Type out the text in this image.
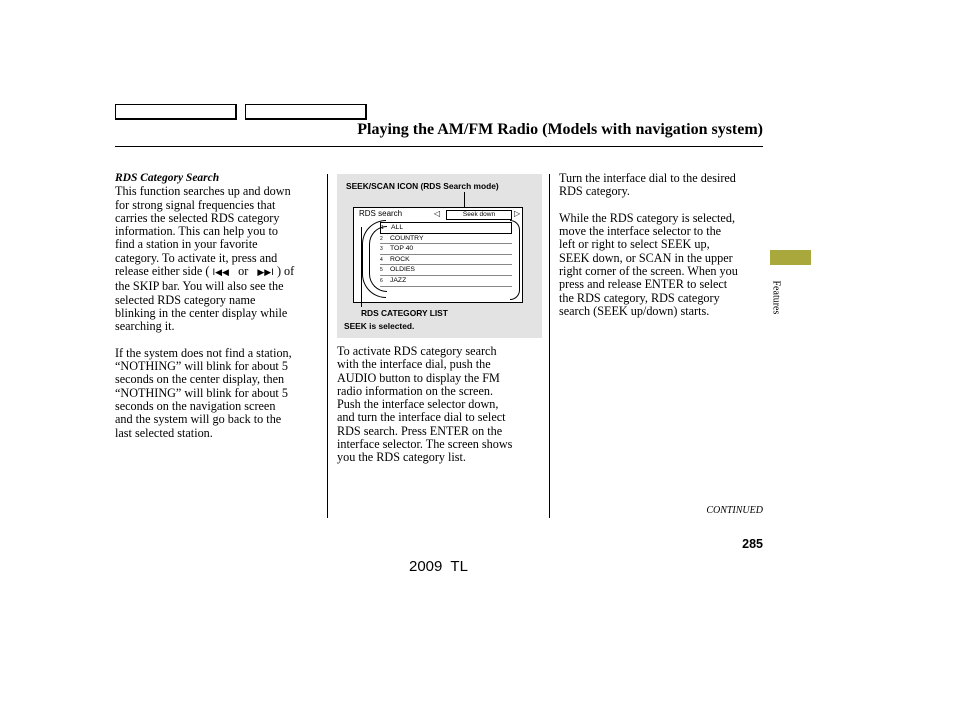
Playing the AM/FM Radio (Models with navigation system)

RDS Category Search

This function searches up and down

for strong signal frequencies that

carries the selected RDS category

information. This can help you to

find a station in your favorite

category. To activate it, press and

release either side ( I◀◀ or ▶▶I ) of

the SKIP bar. You will also see the

selected RDS category name

blinking in the center display while

searching it.

If the system does not find a station,

“NOTHING” will blink for about 5

seconds on the center display, then

“NOTHING” will blink for about 5

seconds on the navigation screen

and the system will go back to the

last selected station.

SEEK/SCAN ICON (RDS Search mode)
RDS search	◁	Seek down	▷
1 ALL
2 COUNTRY
3 TOP 40
4 ROCK
5 OLDIES
6 JAZZ
RDS CATEGORY LIST
SEEK is selected.

To activate RDS category search

with the interface dial, push the

AUDIO button to display the FM

radio information on the screen.

Push the interface selector down,

and turn the interface dial to select

RDS search. Press ENTER on the

interface selector. The screen shows

you the RDS category list.

Turn the interface dial to the desired

RDS category.

While the RDS category is selected,

move the interface selector to the

left or right to select SEEK up,

SEEK down, or SCAN in the upper

right corner of the screen. When you

press and release ENTER to select

the RDS category, RDS category

search (SEEK up/down) starts.	Features
CONTINUED
285
2009  TL
